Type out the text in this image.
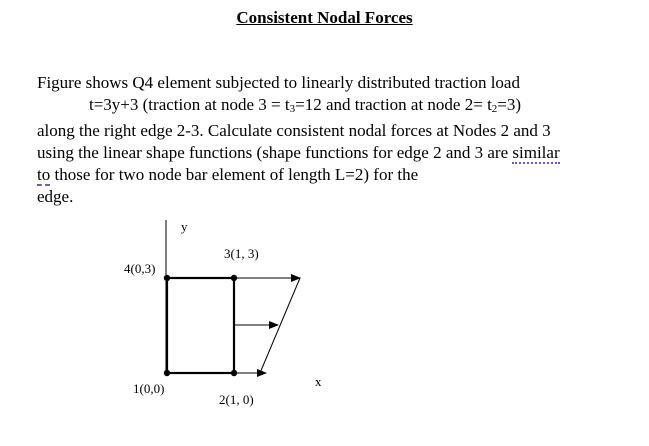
Consistent Nodal Forces
Figure shows Q4 element subjected to linearly distributed traction load
t=3y+3 (traction at node $3 = t_3=12$ and traction at node $2= t_2=3$)
along the right edge 2-3. Calculate consistent nodal forces at Nodes 2 and 3
using the linear shape functions (shape functions for edge 2 and 3 are similar
to those for two node bar element of length L=2) for the
edge.
y
4(0,3)
3(1, 3)
1(0,0)
2(1, 0)
x
